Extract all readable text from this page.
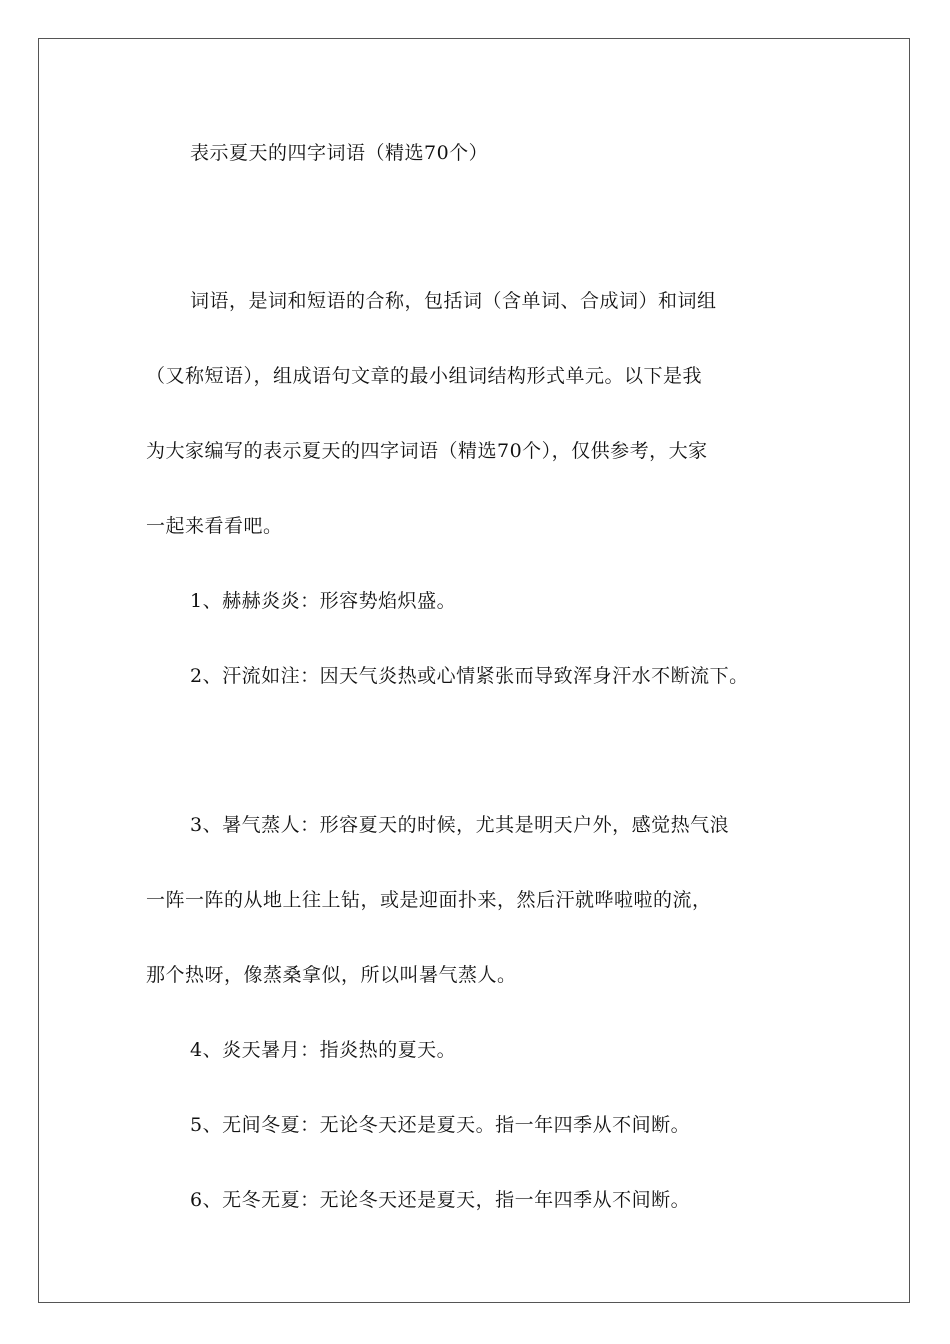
表示夏天的四字词语（精选70个）
词语，是词和短语的合称，包括词（含单词、合成词）和词组
（又称短语），组成语句文章的最小组词结构形式单元。以下是我
为大家编写的表示夏天的四字词语（精选70个），仅供参考，大家
一起来看看吧。
1、赫赫炎炎：形容势焰炽盛。
2、汗流如注：因天气炎热或心情紧张而导致浑身汗水不断流下。
3、暑气蒸人：形容夏天的时候，尤其是明天户外，感觉热气浪
一阵一阵的从地上往上钻，或是迎面扑来，然后汗就哗啦啦的流，
那个热呀，像蒸桑拿似，所以叫暑气蒸人。
4、炎天暑月：指炎热的夏天。
5、无间冬夏：无论冬天还是夏天。指一年四季从不间断。
6、无冬无夏：无论冬天还是夏天，指一年四季从不间断。
